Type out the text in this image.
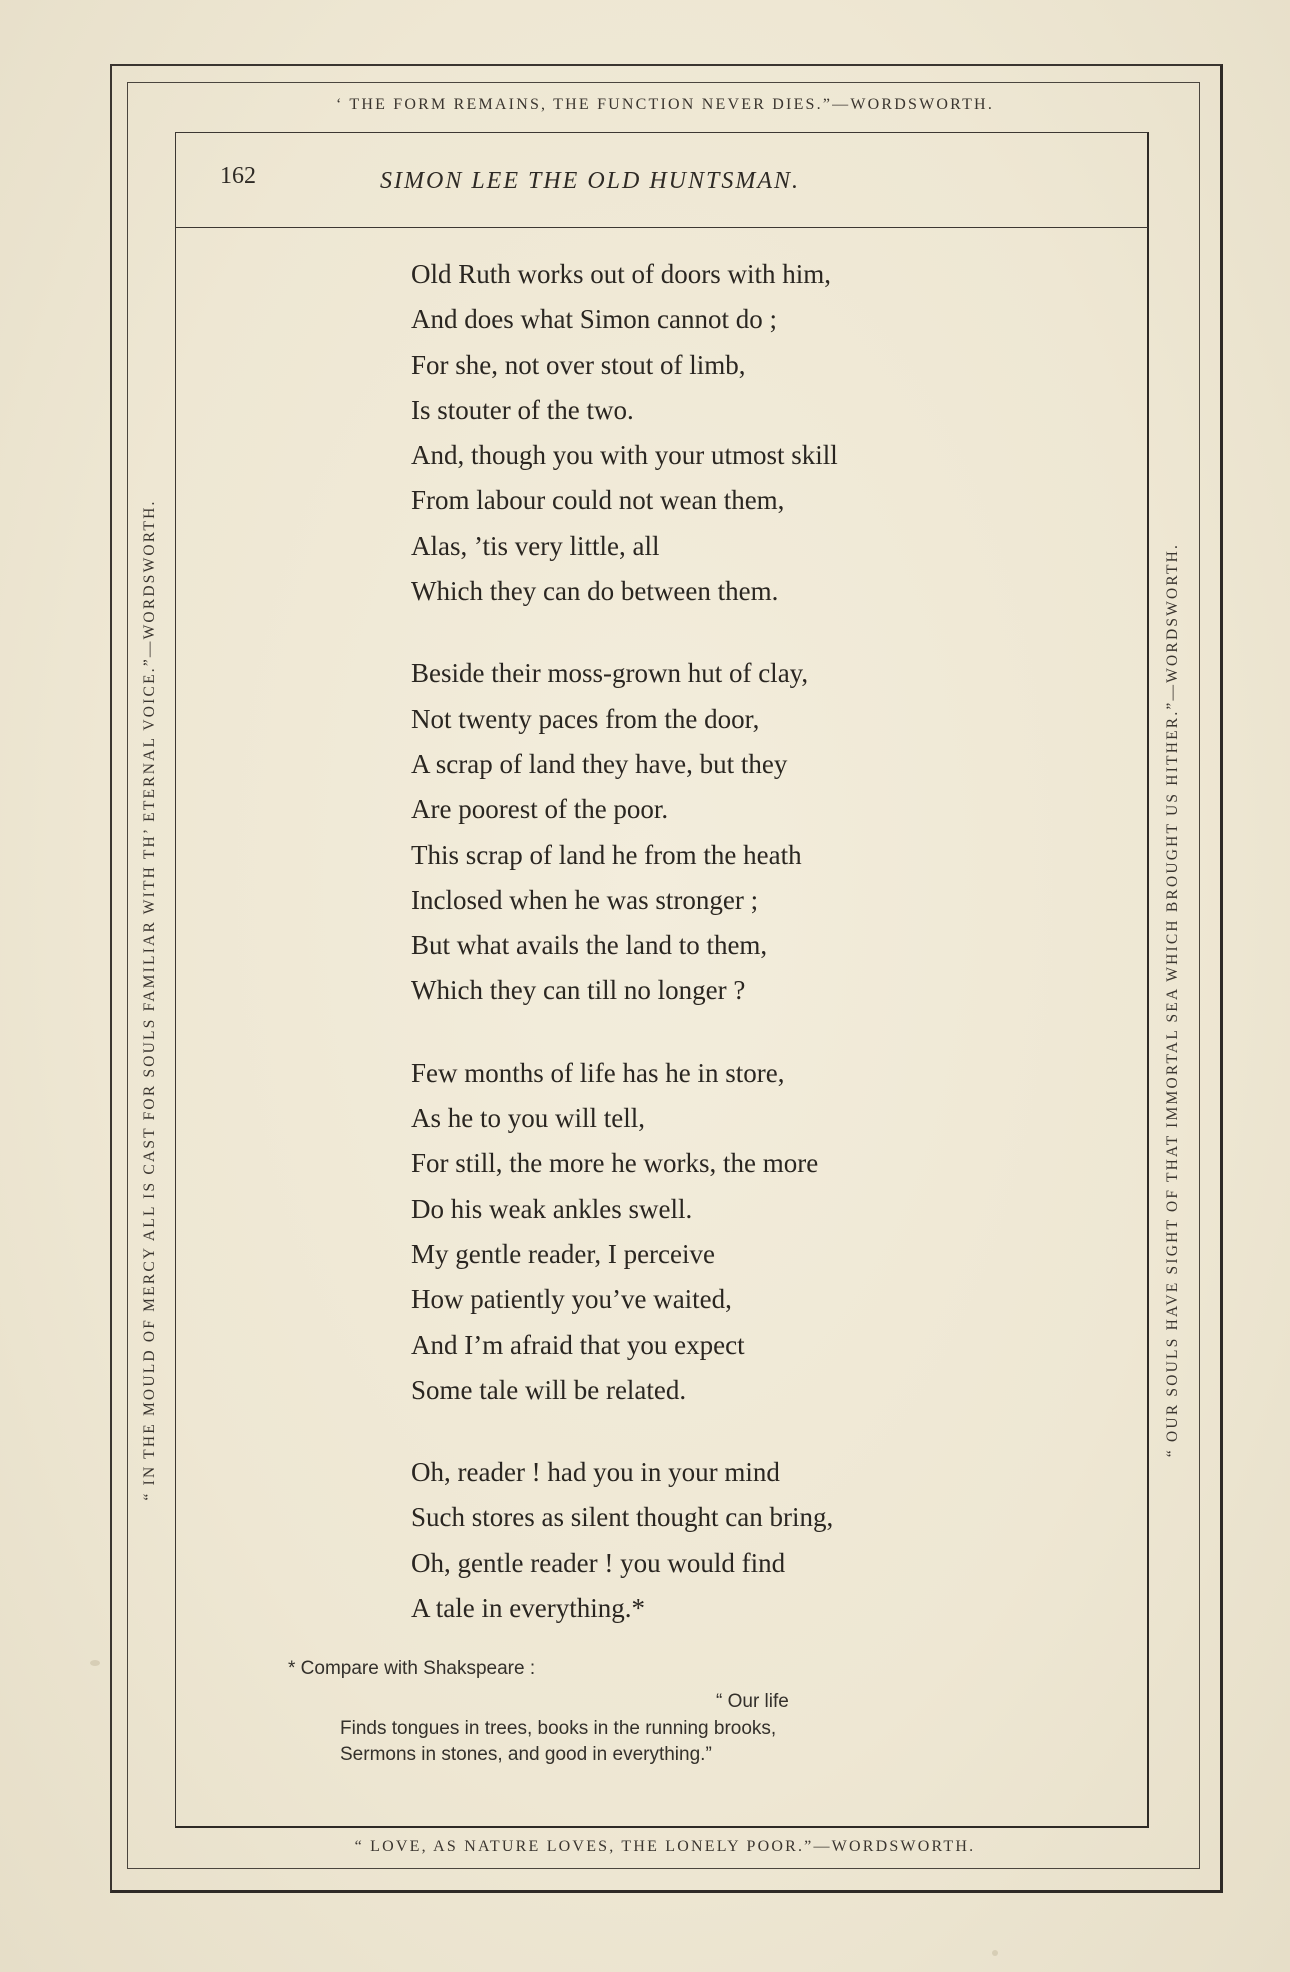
‘ THE FORM REMAINS, THE FUNCTION NEVER DIES.”—WORDSWORTH.
“ IN THE MOULD OF MERCY ALL IS CAST FOR SOULS FAMILIAR WITH TH’ ETERNAL VOICE.”—WORDSWORTH.	“ OUR SOULS HAVE SIGHT OF THAT IMMORTAL SEA WHICH BROUGHT US HITHER.”—WORDSWORTH.
“ LOVE, AS NATURE LOVES, THE LONELY POOR.”—WORDSWORTH.
162	SIMON LEE THE OLD HUNTSMAN.
Old Ruth works out of doors with him,
And does what Simon cannot do ;
For she, not over stout of limb,
Is stouter of the two.
And, though you with your utmost skill
From labour could not wean them,
Alas, ’tis very little, all
Which they can do between them.
Beside their moss-grown hut of clay,
Not twenty paces from the door,
A scrap of land they have, but they
Are poorest of the poor.
This scrap of land he from the heath
Inclosed when he was stronger ;
But what avails the land to them,
Which they can till no longer ?
Few months of life has he in store,
As he to you will tell,
For still, the more he works, the more
Do his weak ankles swell.
My gentle reader, I perceive
How patiently you’ve waited,
And I’m afraid that you expect
Some tale will be related.
Oh, reader ! had you in your mind
Such stores as silent thought can bring,
Oh, gentle reader ! you would find
A tale in everything.*
* Compare with Shakspeare :
“ Our life
Finds tongues in trees, books in the running brooks,
Sermons in stones, and good in everything.”
